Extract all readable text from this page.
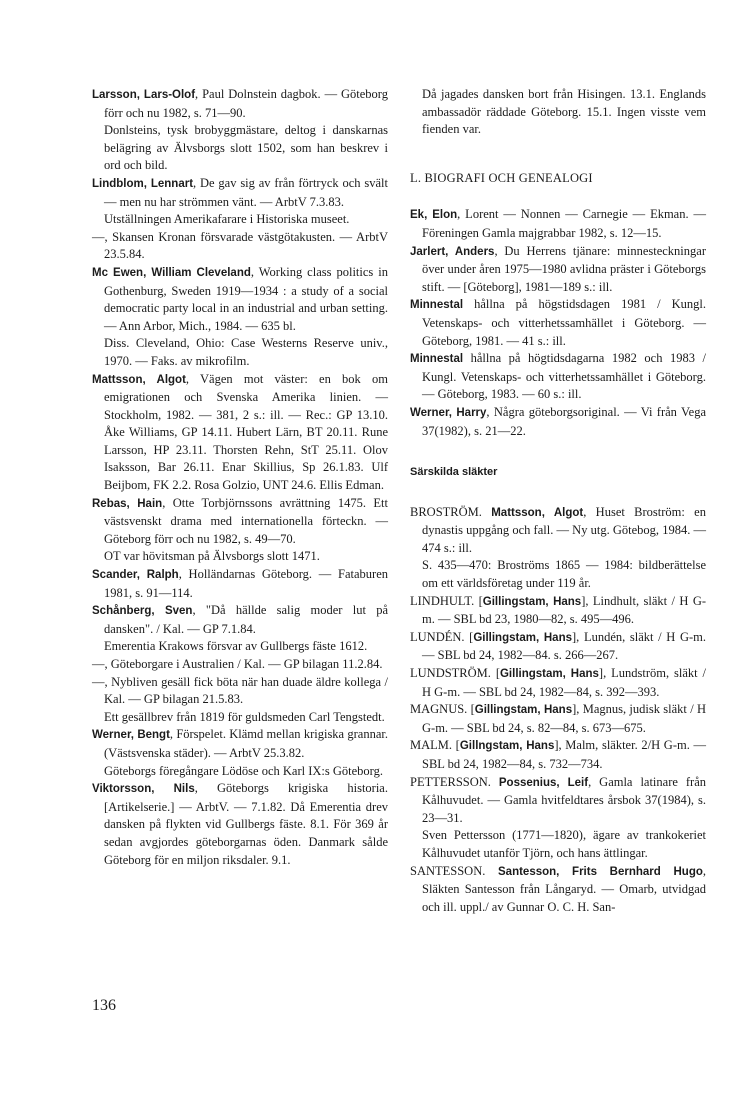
Larsson, Lars-Olof, Paul Dolnstein dagbok. — Göteborg förr och nu 1982, s. 71—90.

Donlsteins, tysk brobyggmästare, deltog i danskarnas belägring av Älvsborgs slott 1502, som han beskrev i ord och bild.

Lindblom, Lennart, De gav sig av från förtryck och svält — men nu har strömmen vänt. — ArbtV 7.3.83.

Utställningen Amerikafarare i Historiska museet.

—, Skansen Kronan försvarade västgötakusten. — ArbtV 23.5.84.

Mc Ewen, William Cleveland, Working class politics in Gothenburg, Sweden 1919—1934 : a study of a social democratic party local in an industrial and urban setting. — Ann Arbor, Mich., 1984. — 635 bl.

Diss. Cleveland, Ohio: Case Westerns Reserve univ., 1970. — Faks. av mikrofilm.

Mattsson, Algot, Vägen mot väster: en bok om emigrationen och Svenska Amerika linien. — Stockholm, 1982. — 381, 2 s.: ill. — Rec.: GP 13.10. Åke Williams, GP 14.11. Hubert Lärn, BT 20.11. Rune Larsson, HP 23.11. Thorsten Rehn, StT 25.11. Olov Isaksson, Bar 26.11. Enar Skillius, Sp 26.1.83. Ulf Beijbom, FK 2.2. Rosa Golzio, UNT 24.6. Ellis Edman.

Rebas, Hain, Otte Torbjörnssons avrättning 1475. Ett västsvenskt drama med internationella förteckn. — Göteborg förr och nu 1982, s. 49—70.

OT var hövitsman på Älvsborgs slott 1471.

Scander, Ralph, Holländarnas Göteborg. — Fataburen 1981, s. 91—114.

Schånberg, Sven, "Då hällde salig moder lut på dansken". / Kal. — GP 7.1.84.

Emerentia Krakows försvar av Gullbergs fäste 1612.

—, Göteborgare i Australien / Kal. — GP bilagan 11.2.84.

—, Nybliven gesäll fick böta när han duade äldre kollega / Kal. — GP bilagan 21.5.83.

Ett gesällbrev från 1819 för guldsmeden Carl Tengstedt.

Werner, Bengt, Förspelet. Klämd mellan krigiska grannar. (Västsvenska städer). — ArbtV 25.3.82.

Göteborgs föregångare Lödöse och Karl IX:s Göteborg.

Viktorsson, Nils, Göteborgs krigiska historia. [Artikelserie.] — ArbtV. — 7.1.82. Då Emerentia drev dansken på flykten vid Gullbergs fäste. 8.1. För 369 år sedan avgjordes göteborgarnas öden. Danmark sålde Göteborg för en miljon riksdaler. 9.1.

Då jagades dansken bort från Hisingen. 13.1. Englands ambassadör räddade Göteborg. 15.1. Ingen visste vem fienden var.

L. BIOGRAFI OCH GENEALOGI

Ek, Elon, Lorent — Nonnen — Carnegie — Ekman. — Föreningen Gamla majgrabbar 1982, s. 12—15.

Jarlert, Anders, Du Herrens tjänare: minnesteckningar över under åren 1975—1980 avlidna präster i Göteborgs stift. — [Göteborg], 1981—189 s.: ill.

Minnestal hållna på högstidsdagen 1981 / Kungl. Vetenskaps- och vitterhetssamhället i Göteborg. — Göteborg, 1981. — 41 s.: ill.

Minnestal hållna på högtidsdagarna 1982 och 1983 / Kungl. Vetenskaps- och vitterhetssamhället i Göteborg. — Göteborg, 1983. — 60 s.: ill.

Werner, Harry, Några göteborgsoriginal. — Vi från Vega 37(1982), s. 21—22.

Särskilda släkter

BROSTRÖM. Mattsson, Algot, Huset Broström: en dynastis uppgång och fall. — Ny utg. Götebog, 1984. — 474 s.: ill.

S. 435—470: Broströms 1865 — 1984: bildberättelse om ett världsföretag under 119 år.

LINDHULT. [Gillingstam, Hans], Lindhult, släkt / H G-m. — SBL bd 23, 1980—82, s. 495—496.

LUNDÉN. [Gillingstam, Hans], Lundén, släkt / H G-m. — SBL bd 24, 1982—84. s. 266—267.

LUNDSTRÖM. [Gillingstam, Hans], Lundström, släkt / H G-m. — SBL bd 24, 1982—84, s. 392—393.

MAGNUS. [Gillingstam, Hans], Magnus, judisk släkt / H G-m. — SBL bd 24, s. 82—84, s. 673—675.

MALM. [Gillngstam, Hans], Malm, släkter. 2/H G-m. — SBL bd 24, 1982—84, s. 732—734.

PETTERSSON. Possenius, Leif, Gamla latinare från Kålhuvudet. — Gamla hvitfeldtares årsbok 37(1984), s. 23—31.

Sven Pettersson (1771—1820), ägare av trankokeriet Kålhuvudet utanför Tjörn, och hans ättlingar.

SANTESSON. Santesson, Frits Bernhard Hugo, Släkten Santesson från Långaryd. — Omarb, utvidgad och ill. uppl./ av Gunnar O. C. H. San-

136
